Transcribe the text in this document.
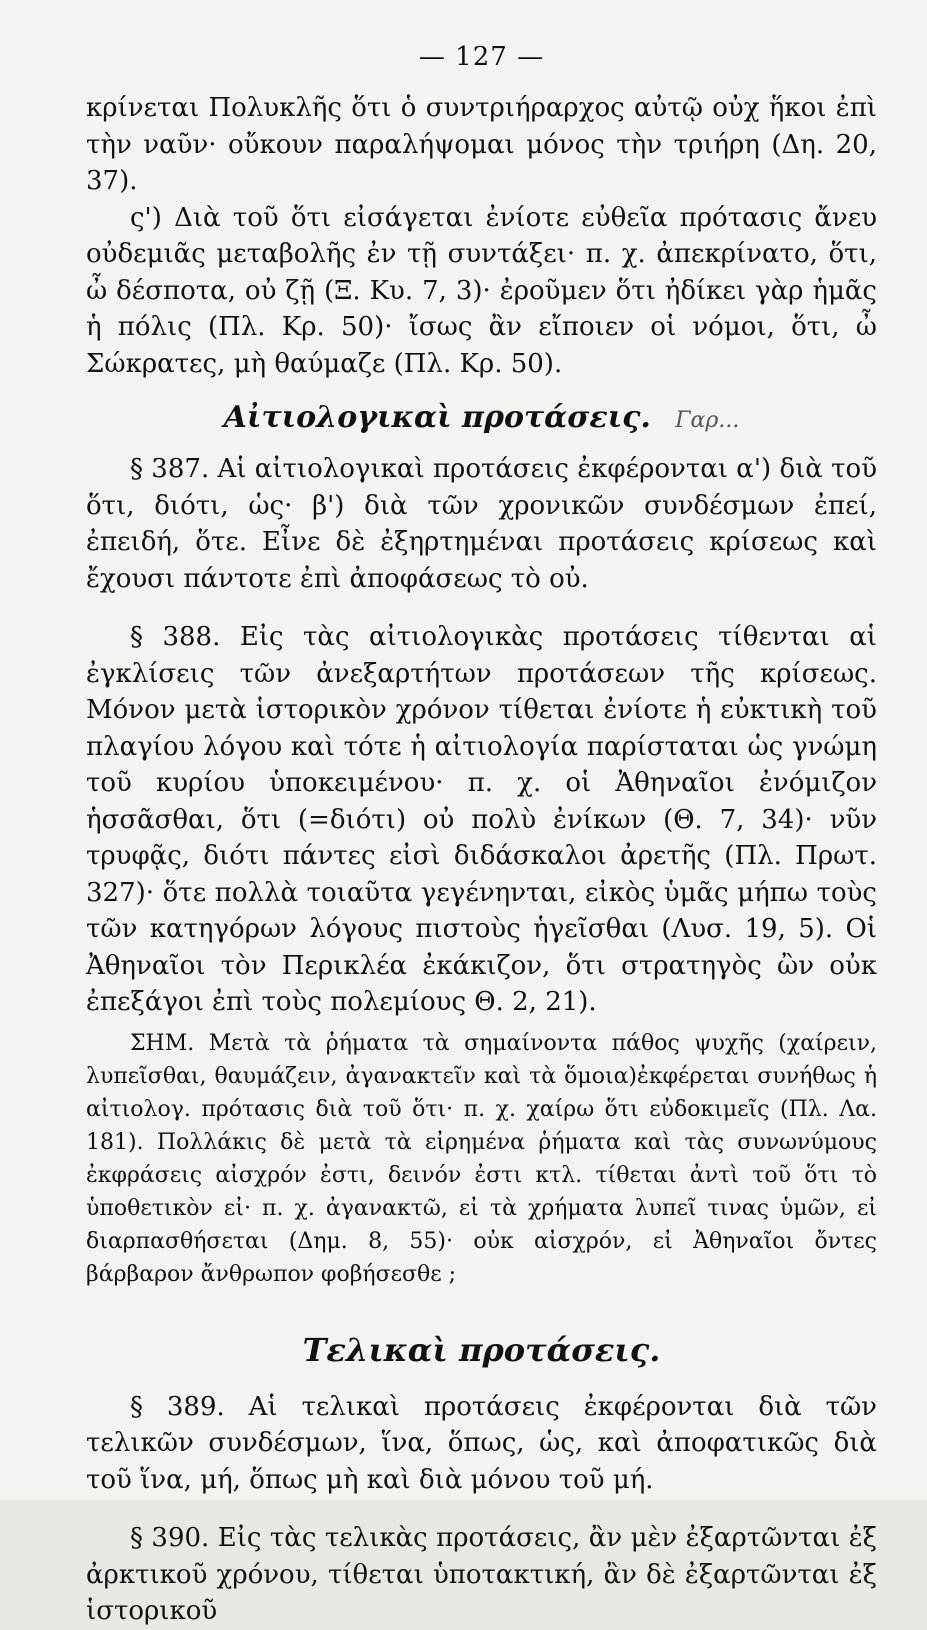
— 127 —

κρίνεται Πολυκλῆς ὅτι ὁ συντριήραρχος αὐτῷ οὐχ ἥκοι ἐπὶ τὴν ναῦν· οὔκουν παραλήψομαι μόνος τὴν τριήρη (Δη. 20, 37).

ς') Διὰ τοῦ ὅτι εἰσάγεται ἐνίοτε εὐθεῖα πρότασις ἄνευ οὐδεμιᾶς μεταβολῆς ἐν τῇ συντάξει· π. χ. ἀπεκρίνατο, ὅτι, ὦ δέσποτα, οὐ ζῇ (Ξ. Κυ. 7, 3)· ἐροῦμεν ὅτι ἠδίκει γὰρ ἡμᾶς ἡ πόλις (Πλ. Κρ. 50)· ἴσως ἂν εἴποιεν οἱ νόμοι, ὅτι, ὦ Σώκρατες, μὴ θαύμαζε (Πλ. Κρ. 50).

Αἰτιολογικαὶ προτάσεις. Γαρ...

§ 387. Αἱ αἰτιολογικαὶ προτάσεις ἐκφέρονται α') διὰ τοῦ ὅτι, διότι, ὡς· β') διὰ τῶν χρονικῶν συνδέσμων ἐπεί, ἐπειδή, ὅτε. Εἶνε δὲ ἐξηρτημέναι προτάσεις κρίσεως καὶ ἔχουσι πάντοτε ἐπὶ ἀποφάσεως τὸ οὐ.

§ 388. Εἰς τὰς αἰτιολογικὰς προτάσεις τίθενται αἱ ἐγκλίσεις τῶν ἀνεξαρτήτων προτάσεων τῆς κρίσεως. Μόνον μετὰ ἱστορικὸν χρόνον τίθεται ἐνίοτε ἡ εὐκτικὴ τοῦ πλαγίου λόγου καὶ τότε ἡ αἰτιολογία παρίσταται ὡς γνώμη τοῦ κυρίου ὑποκειμένου· π. χ. οἱ Ἀθηναῖοι ἐνόμιζον ἡσσᾶσθαι, ὅτι (=διότι) οὐ πολὺ ἐνίκων (Θ. 7, 34)· νῦν τρυφᾷς, διότι πάντες εἰσὶ διδάσκαλοι ἀρετῆς (Πλ. Πρωτ. 327)· ὅτε πολλὰ τοιαῦτα γεγένηνται, εἰκὸς ὑμᾶς μήπω τοὺς τῶν κατηγόρων λόγους πιστοὺς ἡγεῖσθαι (Λυσ. 19, 5). Οἱ Ἀθηναῖοι τὸν Περικλέα ἐκάκιζον, ὅτι στρατηγὸς ὢν οὐκ ἐπεξάγοι ἐπὶ τοὺς πολεμίους Θ. 2, 21).

ΣΗΜ. Μετὰ τὰ ῥήματα τὰ σημαίνοντα πάθος ψυχῆς (χαίρειν, λυπεῖσθαι, θαυμάζειν, ἀγανακτεῖν καὶ τὰ ὅμοια)ἐκφέρεται συνήθως ἡ αἰτιολογ. πρότασις διὰ τοῦ ὅτι· π. χ. χαίρω ὅτι εὐδοκιμεῖς (Πλ. Λα. 181). Πολλάκις δὲ μετὰ τὰ εἰρημένα ῥήματα καὶ τὰς συνωνύμους ἐκφράσεις αἰσχρόν ἐστι, δεινόν ἐστι κτλ. τίθεται ἀντὶ τοῦ ὅτι τὸ ὑποθετικὸν εἰ· π. χ. ἀγανακτῶ, εἰ τὰ χρήματα λυπεῖ τινας ὑμῶν, εἰ διαρπασθήσεται (Δημ. 8, 55)· οὐκ αἰσχρόν, εἰ Ἀθηναῖοι ὄντες βάρβαρον ἄνθρωπον φοβήσεσθε ;

Τελικαὶ προτάσεις.

§ 389. Αἱ τελικαὶ προτάσεις ἐκφέρονται διὰ τῶν τελικῶν συνδέσμων, ἵνα, ὅπως, ὡς, καὶ ἀποφατικῶς διὰ τοῦ ἵνα, μή, ὅπως μὴ καὶ διὰ μόνου τοῦ μή.

§ 390. Εἰς τὰς τελικὰς προτάσεις, ἂν μὲν ἐξαρτῶνται ἐξ ἀρκτικοῦ χρόνου, τίθεται ὑποτακτική, ἂν δὲ ἐξαρτῶνται ἐξ ἱστορικοῦ
